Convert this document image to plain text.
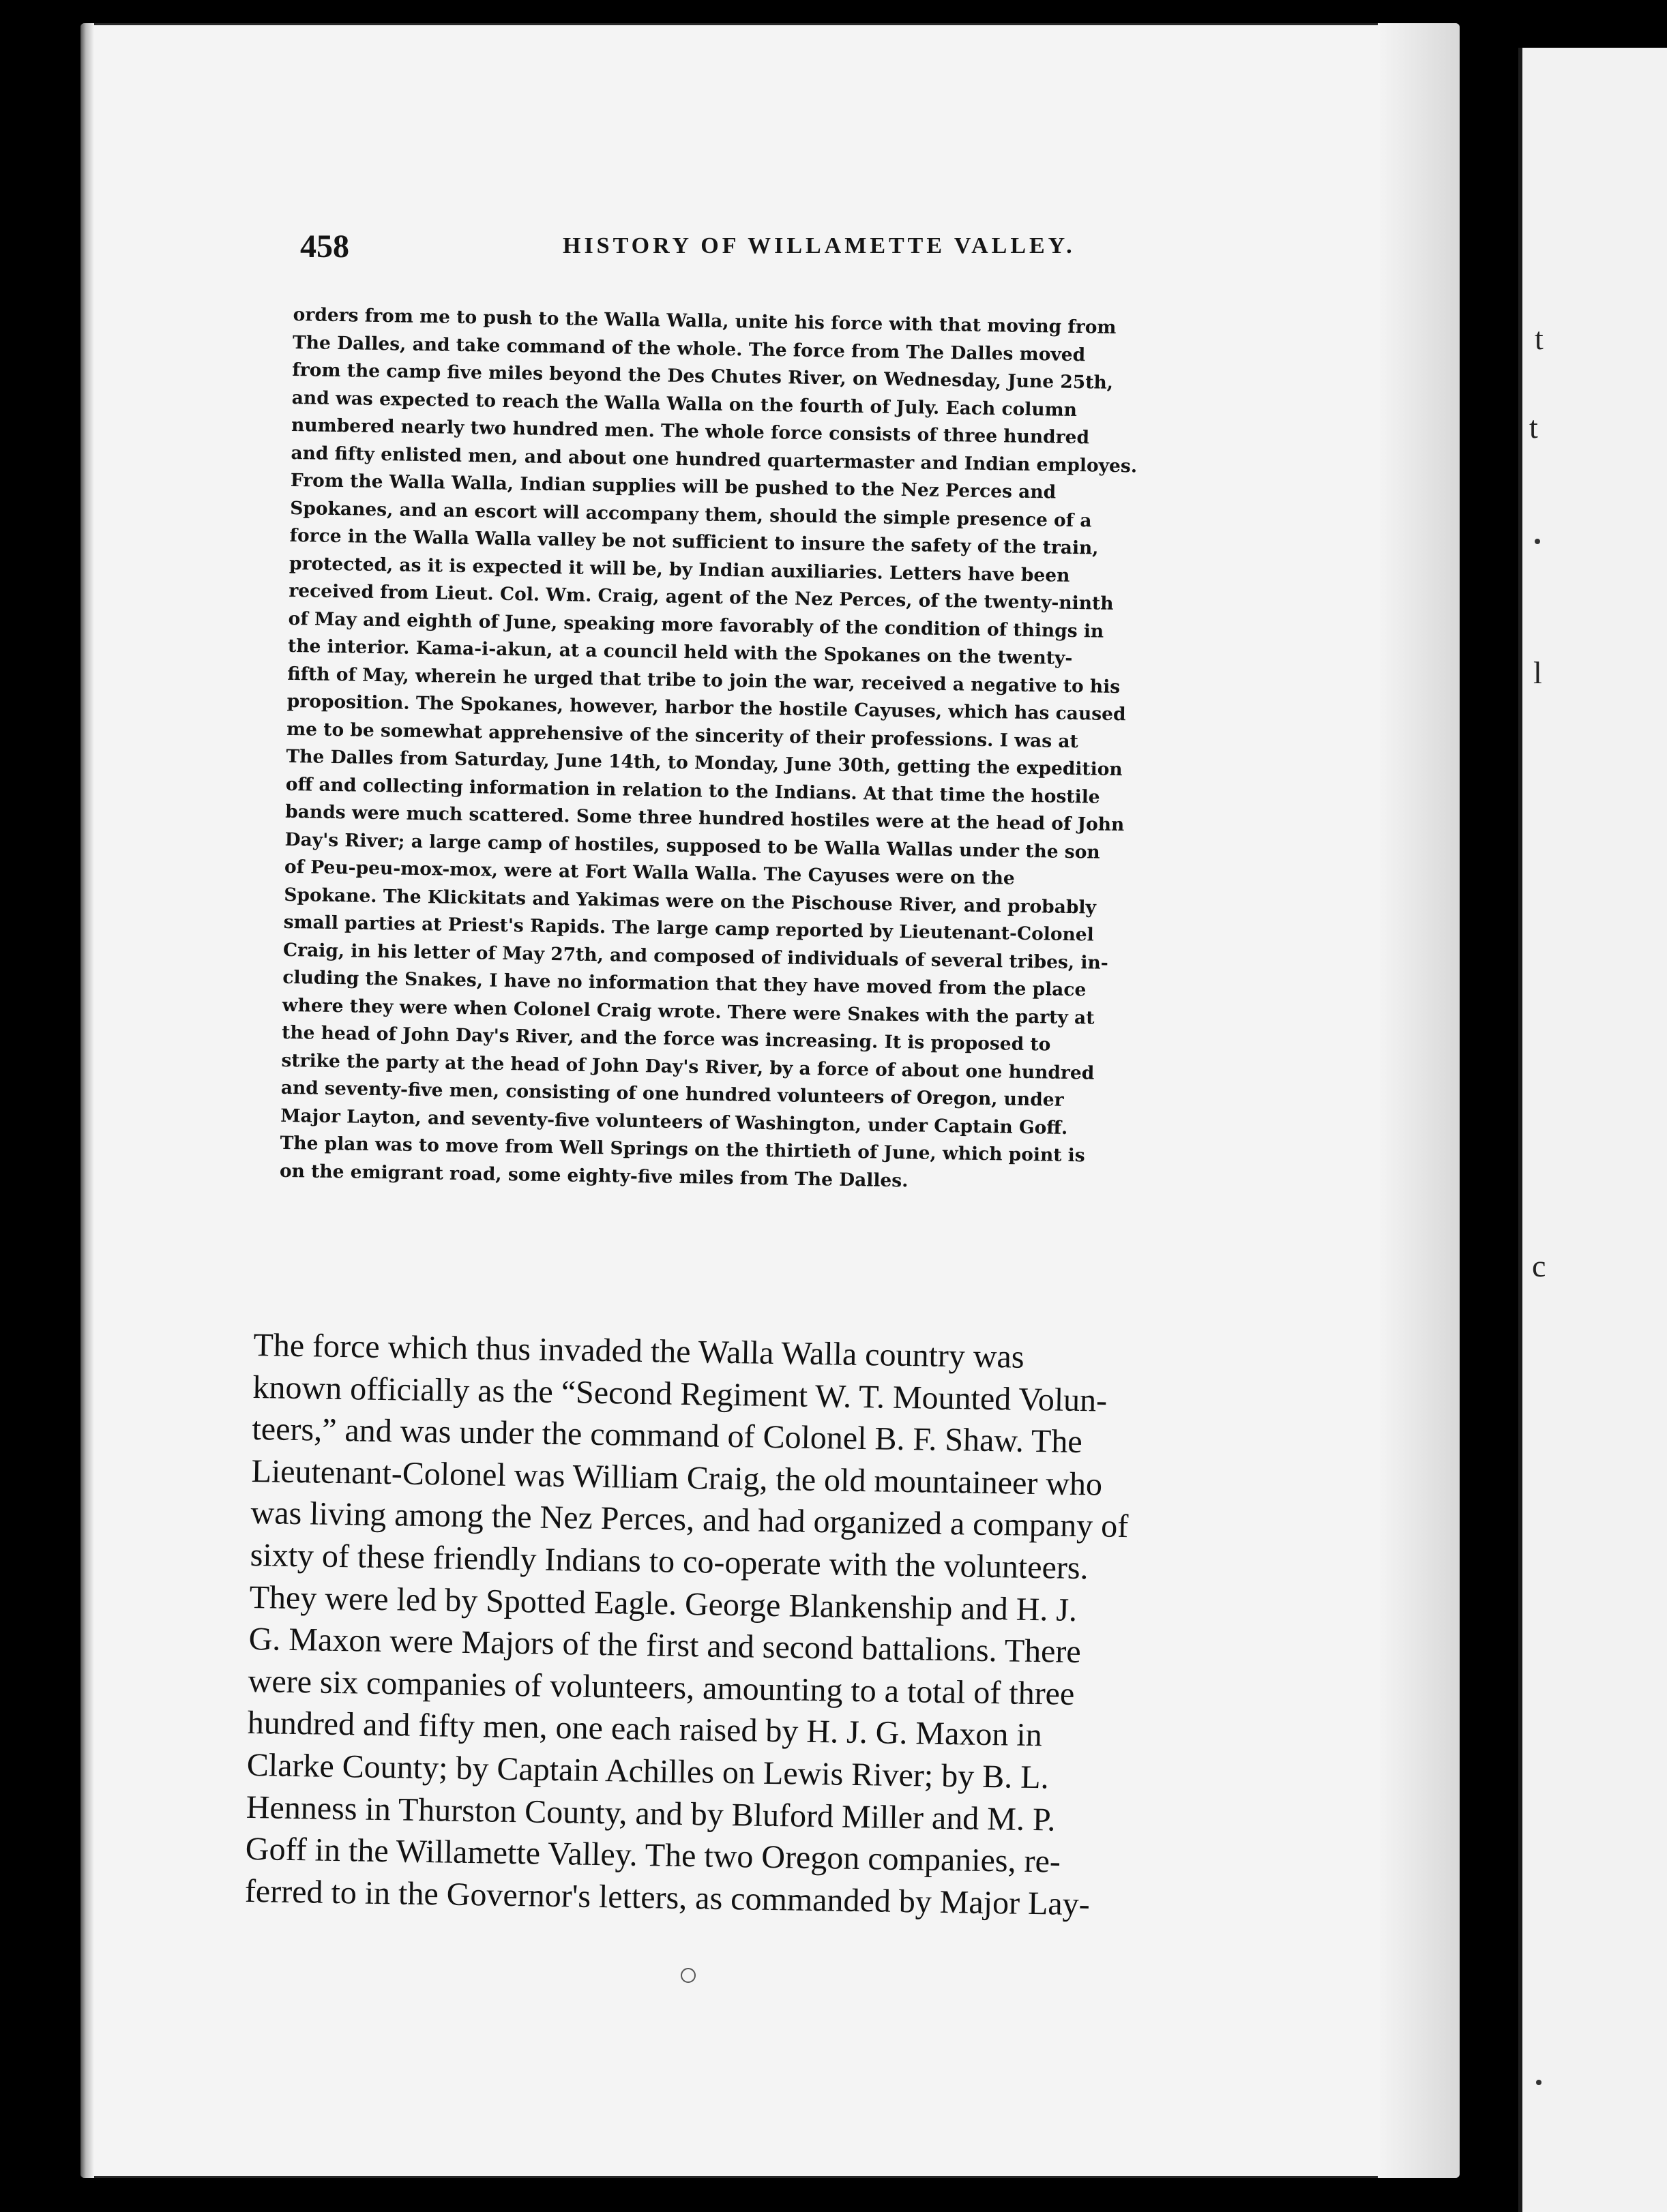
t
t
l
c
458	HISTORY OF WILLAMETTE VALLEY.
orders from me to push to the Walla Walla, unite his force with that moving from
The Dalles, and take command of the whole. The force from The Dalles moved
from the camp five miles beyond the Des Chutes River, on Wednesday, June 25th,
and was expected to reach the Walla Walla on the fourth of July. Each column
numbered nearly two hundred men. The whole force consists of three hundred
and fifty enlisted men, and about one hundred quartermaster and Indian employes.
From the Walla Walla, Indian supplies will be pushed to the Nez Perces and
Spokanes, and an escort will accompany them, should the simple presence of a
force in the Walla Walla valley be not sufficient to insure the safety of the train,
protected, as it is expected it will be, by Indian auxiliaries. Letters have been
received from Lieut. Col. Wm. Craig, agent of the Nez Perces, of the twenty-ninth
of May and eighth of June, speaking more favorably of the condition of things in
the interior. Kama-i-akun, at a council held with the Spokanes on the twenty-
fifth of May, wherein he urged that tribe to join the war, received a negative to his
proposition. The Spokanes, however, harbor the hostile Cayuses, which has caused
me to be somewhat apprehensive of the sincerity of their professions. I was at
The Dalles from Saturday, June 14th, to Monday, June 30th, getting the expedition
off and collecting information in relation to the Indians. At that time the hostile
bands were much scattered. Some three hundred hostiles were at the head of John
Day's River; a large camp of hostiles, supposed to be Walla Wallas under the son
of Peu-peu-mox-mox, were at Fort Walla Walla. The Cayuses were on the
Spokane. The Klickitats and Yakimas were on the Pischouse River, and probably
small parties at Priest's Rapids. The large camp reported by Lieutenant-Colonel
Craig, in his letter of May 27th, and composed of individuals of several tribes, in-
cluding the Snakes, I have no information that they have moved from the place
where they were when Colonel Craig wrote. There were Snakes with the party at
the head of John Day's River, and the force was increasing. It is proposed to
strike the party at the head of John Day's River, by a force of about one hundred
and seventy-five men, consisting of one hundred volunteers of Oregon, under
Major Layton, and seventy-five volunteers of Washington, under Captain Goff.
The plan was to move from Well Springs on the thirtieth of June, which point is
on the emigrant road, some eighty-five miles from The Dalles.
The force which thus invaded the Walla Walla country was
known officially as the “Second Regiment W. T. Mounted Volun-
teers,” and was under the command of Colonel B. F. Shaw. The
Lieutenant-Colonel was William Craig, the old mountaineer who
was living among the Nez Perces, and had organized a company of
sixty of these friendly Indians to co-operate with the volunteers.
They were led by Spotted Eagle. George Blankenship and H. J.
G. Maxon were Majors of the first and second battalions. There
were six companies of volunteers, amounting to a total of three
hundred and fifty men, one each raised by H. J. G. Maxon in
Clarke County; by Captain Achilles on Lewis River; by B. L.
Henness in Thurston County, and by Bluford Miller and M. P.
Goff in the Willamette Valley. The two Oregon companies, re-
ferred to in the Governor's letters, as commanded by Major Lay-
